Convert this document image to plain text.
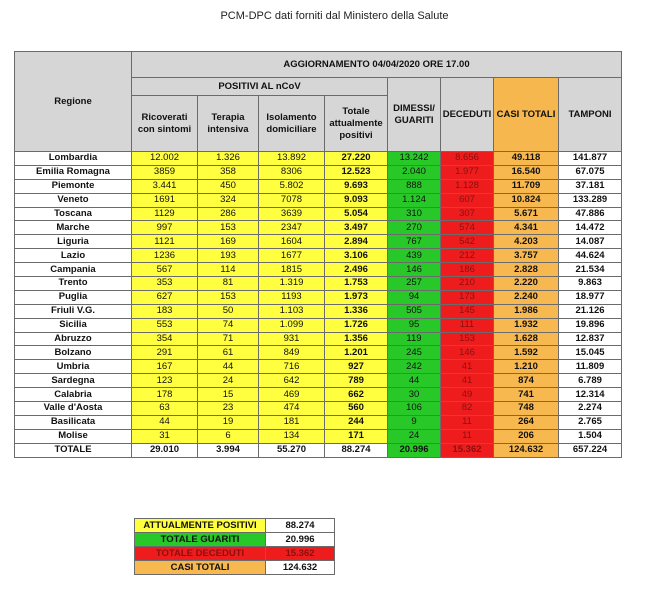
PCM-DPC dati forniti dal Ministero della Salute
Regione	AGGIORNAMENTO 04/04/2020 ORE 17.00							
	POSITIVI AL nCoV				DIMESSI/ GUARITI	DECEDUTI	CASI TOTALI	TAMPONI
	Ricoverati con sintomi	Terapia intensiva	Isolamento domiciliare	Totale attualmente positivi				
Lombardia	12.002	1.326	13.892	27.220	13.242	8.656	49.118	141.877
Emilia Romagna	3859	358	8306	12.523	2.040	1.977	16.540	67.075
Piemonte	3.441	450	5.802	9.693	888	1.128	11.709	37.181
Veneto	1691	324	7078	9.093	1.124	607	10.824	133.289
Toscana	1129	286	3639	5.054	310	307	5.671	47.886
Marche	997	153	2347	3.497	270	574	4.341	14.472
Liguria	1121	169	1604	2.894	767	542	4.203	14.087
Lazio	1236	193	1677	3.106	439	212	3.757	44.624
Campania	567	114	1815	2.496	146	186	2.828	21.534
Trento	353	81	1.319	1.753	257	210	2.220	9.863
Puglia	627	153	1193	1.973	94	173	2.240	18.977
Friuli V.G.	183	50	1.103	1.336	505	145	1.986	21.126
Sicilia	553	74	1.099	1.726	95	111	1.932	19.896
Abruzzo	354	71	931	1.356	119	153	1.628	12.837
Bolzano	291	61	849	1.201	245	146	1.592	15.045
Umbria	167	44	716	927	242	41	1.210	11.809
Sardegna	123	24	642	789	44	41	874	6.789
Calabria	178	15	469	662	30	49	741	12.314
Valle d'Aosta	63	23	474	560	106	82	748	2.274
Basilicata	44	19	181	244	9	11	264	2.765
Molise	31	6	134	171	24	11	206	1.504
TOTALE	29.010	3.994	55.270	88.274	20.996	15.362	124.632	657.224
ATTUALMENTE POSITIVI	88.274
TOTALE GUARITI	20.996
TOTALE DECEDUTI	15.362
CASI TOTALI	124.632
